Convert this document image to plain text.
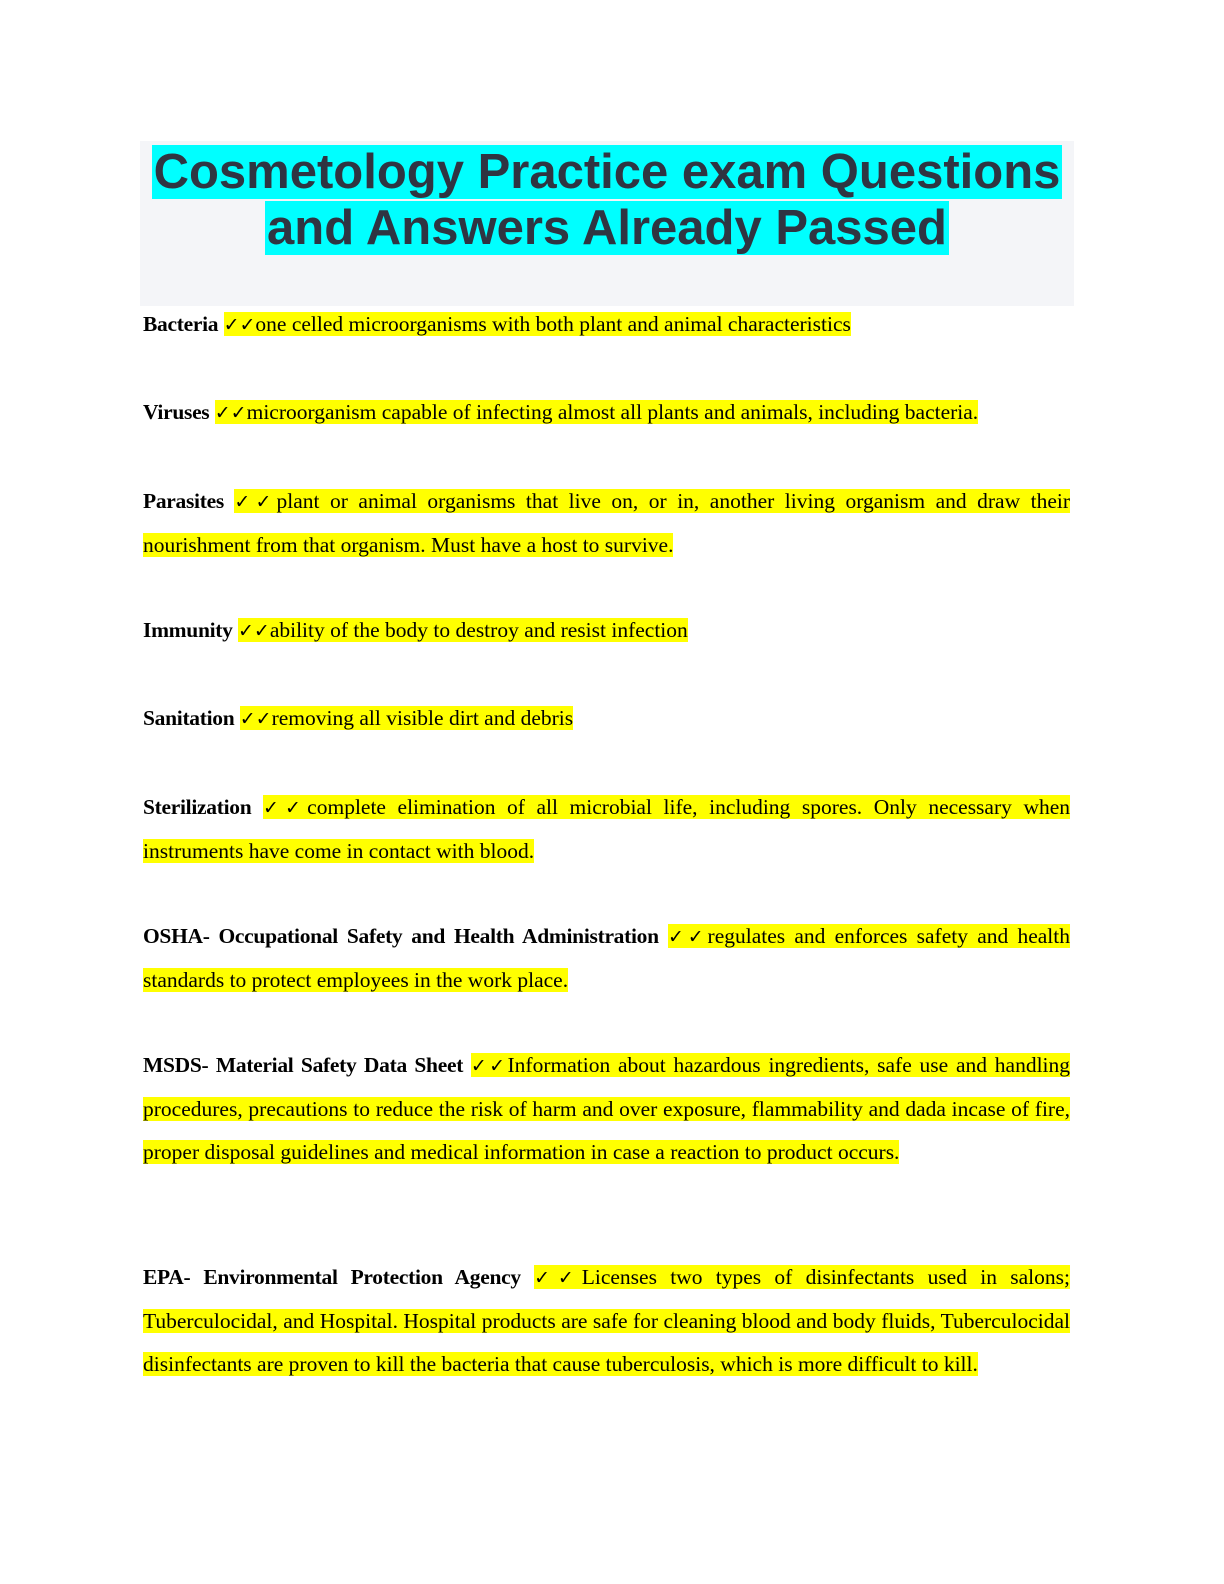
Cosmetology Practice exam Questions
and Answers Already Passed
Bacteria ✓✓one celled microorganisms with both plant and animal characteristics
Viruses ✓✓microorganism capable of infecting almost all plants and animals, including bacteria.
Parasites ✓✓plant or animal organisms that live on, or in, another living organism and draw their nourishment from that organism. Must have a host to survive.
Immunity ✓✓ability of the body to destroy and resist infection
Sanitation ✓✓removing all visible dirt and debris
Sterilization ✓✓complete elimination of all microbial life, including spores. Only necessary when instruments have come in contact with blood.
OSHA- Occupational Safety and Health Administration ✓✓regulates and enforces safety and health standards to protect employees in the work place.
MSDS- Material Safety Data Sheet ✓✓Information about hazardous ingredients, safe use and handling procedures, precautions to reduce the risk of harm and over exposure, flammability and dada incase of fire, proper disposal guidelines and medical information in case a reaction to product occurs.
EPA- Environmental Protection Agency ✓✓Licenses two types of disinfectants used in salons; Tuberculocidal, and Hospital. Hospital products are safe for cleaning blood and body fluids, Tuberculocidal disinfectants are proven to kill the bacteria that cause tuberculosis, which is more difficult to kill.
